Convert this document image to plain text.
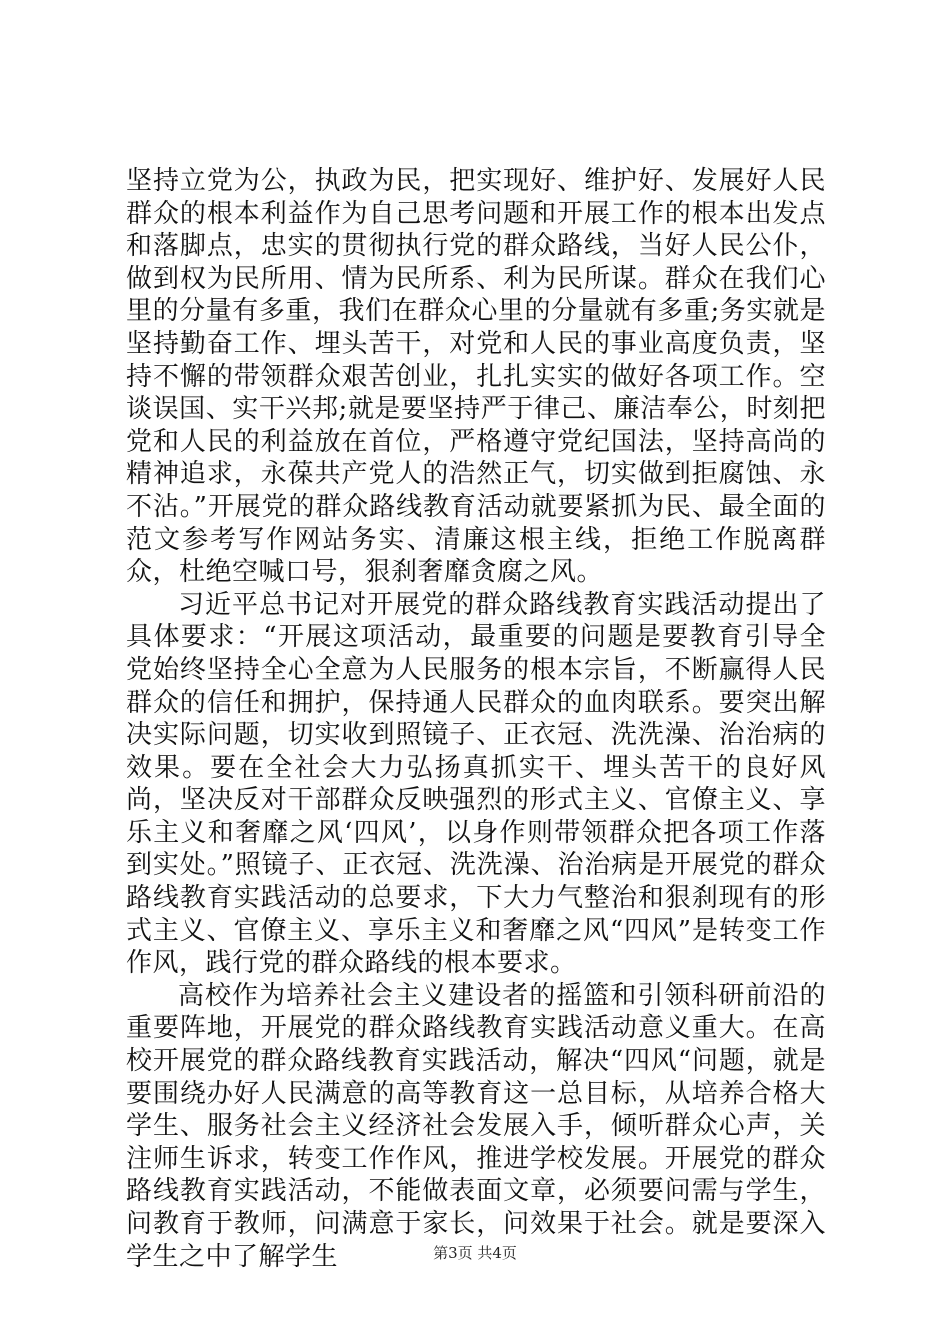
坚持立党为公，执政为民，把实现好、维护好、发展好人民群众的根本利益作为自己思考问题和开展工作的根本出发点和落脚点，忠实的贯彻执行党的群众路线，当好人民公仆，做到权为民所用、情为民所系、利为民所谋。群众在我们心里的分量有多重，我们在群众心里的分量就有多重;务实就是坚持勤奋工作、埋头苦干，对党和人民的事业高度负责，坚持不懈的带领群众艰苦创业，扎扎实实的做好各项工作。空谈误国、实干兴邦;就是要坚持严于律己、廉洁奉公，时刻把党和人民的利益放在首位，严格遵守党纪国法，坚持高尚的精神追求，永葆共产党人的浩然正气，切实做到拒腐蚀、永不沾。”开展党的群众路线教育活动就要紧抓为民、最全面的范文参考写作网站务实、清廉这根主线，拒绝工作脱离群众，杜绝空喊口号，狠刹奢靡贪腐之风。

习近平总书记对开展党的群众路线教育实践活动提出了具体要求：“开展这项活动，最重要的问题是要教育引导全党始终坚持全心全意为人民服务的根本宗旨，不断赢得人民群众的信任和拥护，保持通人民群众的血肉联系。要突出解决实际问题，切实收到照镜子、正衣冠、洗洗澡、治治病的效果。要在全社会大力弘扬真抓实干、埋头苦干的良好风尚，坚决反对干部群众反映强烈的形式主义、官僚主义、享乐主义和奢靡之风‘四风’，以身作则带领群众把各项工作落到实处。”照镜子、正衣冠、洗洗澡、治治病是开展党的群众路线教育实践活动的总要求，下大力气整治和狠刹现有的形式主义、官僚主义、享乐主义和奢靡之风“四风”是转变工作作风，践行党的群众路线的根本要求。

高校作为培养社会主义建设者的摇篮和引领科研前沿的重要阵地，开展党的群众路线教育实践活动意义重大。在高校开展党的群众路线教育实践活动，解决“四风“问题，就是要围绕办好人民满意的高等教育这一总目标，从培养合格大学生、服务社会主义经济社会发展入手，倾听群众心声，关注师生诉求，转变工作作风，推进学校发展。开展党的群众路线教育实践活动，不能做表面文章，必须要问需与学生，问教育于教师，问满意于家长，问效果于社会。就是要深入学生之中了解学生	第3页 共4页
